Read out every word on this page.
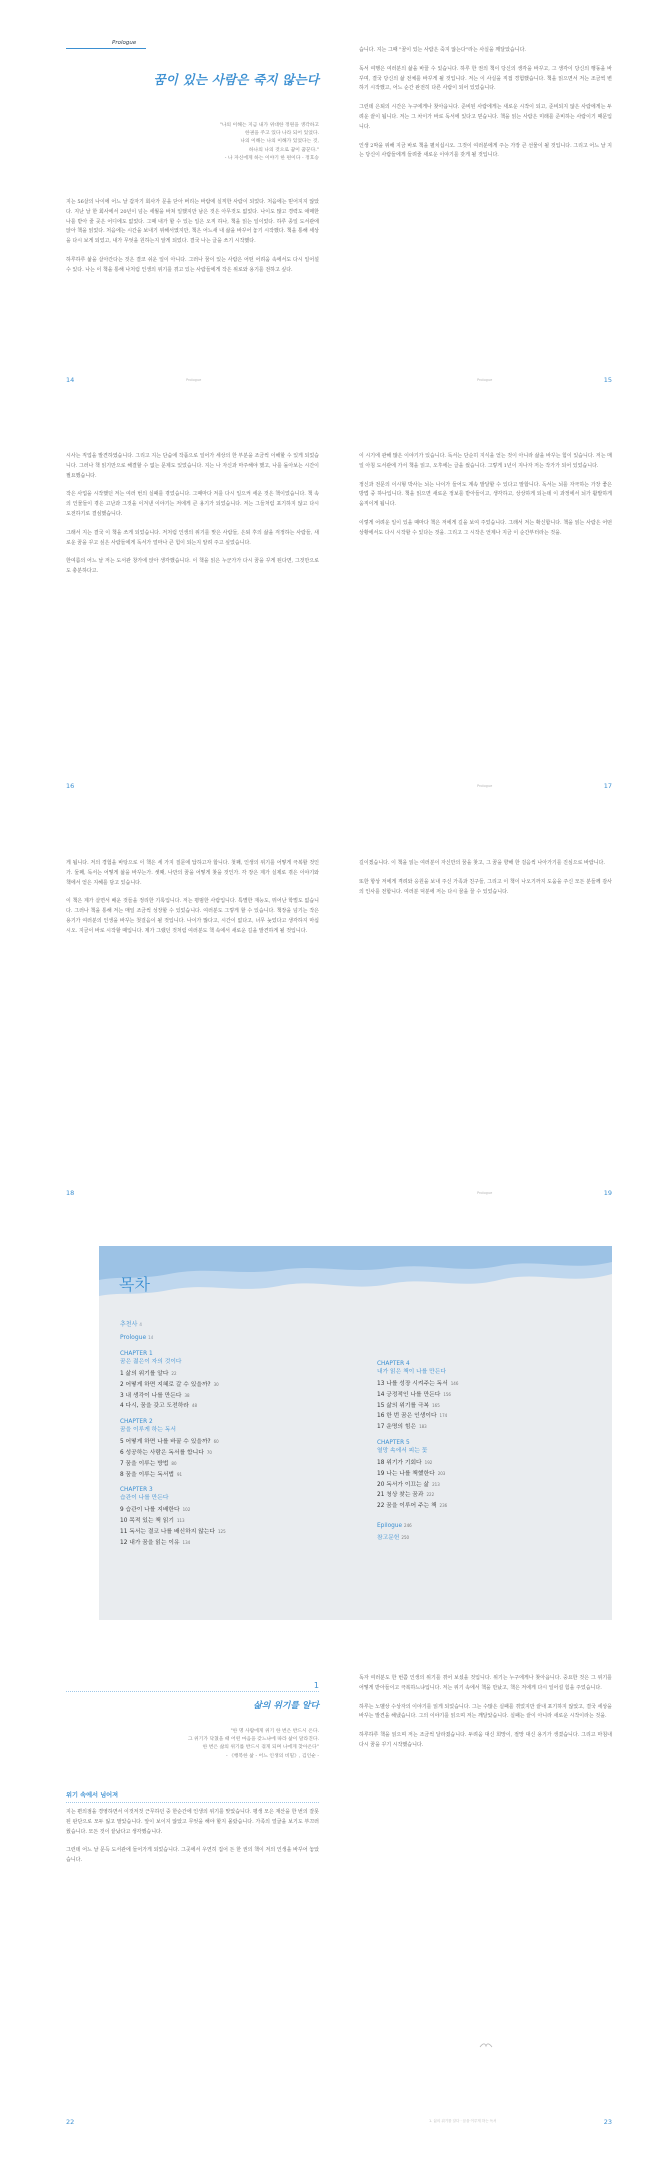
Prologue
꿈이 있는 사람은 죽지 않는다
"나의 이해는 지금 내가 위대한 정원을 생각하고
한권을 주고 있다 나라 되어 있었다.
나의 이해는 나의 이해가 있었다는 것,
하나의 나의 것으로 꿈이 꿈꾼다."
- 나 자신에게 하는 이야기 한 편이다 - 정호승

지는 56살의 나이에 어느 날 갑자기 회사가 문을 닫아 버리는 바람에 실직한 사람이 되었다. 처음에는 믿어지지 않았다. 지난 날 한 회사에서 20년이 넘는 세월을 바쳐 일했지만 남은 것은 아무것도 없었다. 나이도 많고 경력도 애매한 나를 받아 줄 곳은 어디에도 없었다. 그때 내가 할 수 있는 일은 오직 하나, 책을 읽는 일이었다. 하루 종일 도서관에 앉아 책을 읽었다. 처음에는 시간을 보내기 위해서였지만, 책은 어느새 내 삶을 바꾸어 놓기 시작했다. 책을 통해 세상을 다시 보게 되었고, 내가 무엇을 원하는지 알게 되었다. 결국 나는 글을 쓰기 시작했다.

하루하루 삶을 살아간다는 것은 결코 쉬운 일이 아니다. 그러나 꿈이 있는 사람은 어떤 어려움 속에서도 다시 일어설 수 있다. 나는 이 책을 통해 나처럼 인생의 위기를 겪고 있는 사람들에게 작은 위로와 용기를 전하고 싶다.

14	Prologue

습니다. 지는 그때 "꿈이 있는 사람은 죽지 않는다"라는 사실을 깨달았습니다.

독서 여행은 여러분의 삶을 바꿀 수 있습니다. 하루 한 권의 책이 당신의 생각을 바꾸고, 그 생각이 당신의 행동을 바꾸며, 결국 당신의 삶 전체를 바꾸게 될 것입니다. 저는 이 사실을 직접 경험했습니다. 책을 읽으면서 저는 조금씩 변하기 시작했고, 어느 순간 완전히 다른 사람이 되어 있었습니다.

그런데 은퇴의 시간은 누구에게나 찾아옵니다. 준비된 사람에게는 새로운 시작이 되고, 준비되지 않은 사람에게는 두려운 끝이 됩니다. 저는 그 차이가 바로 독서에 있다고 믿습니다. 책을 읽는 사람은 미래를 준비하는 사람이기 때문입니다.

인생 2막을 위해 지금 바로 책을 펼치십시오. 그것이 여러분에게 주는 가장 큰 선물이 될 것입니다. 그리고 어느 날 지는 당신이 사람들에게 들려줄 새로운 이야기를 갖게 될 것입니다.

Prologue	15

시사는 직업을 발견하였습니다. 그리고 지는 단숨에 작품으로 일어가 세상의 한 부분을 조금씩 이해할 수 있게 되었습니다. 그러나 책 읽기만으로 해결할 수 없는 문제도 있었습니다. 지는 나 자신과 마주해야 했고, 나를 돌아보는 시간이 필요했습니다.

작은 사업을 시작했던 저는 여러 번의 실패를 겪었습니다. 그때마다 저를 다시 일으켜 세운 것은 책이었습니다. 책 속의 인물들이 겪은 고난과 그것을 이겨낸 이야기는 저에게 큰 용기가 되었습니다. 저는 그들처럼 포기하지 않고 다시 도전하기로 결심했습니다.

그래서 지는 결국 이 책을 쓰게 되었습니다. 저처럼 인생의 위기를 맞은 사람들, 은퇴 후의 삶을 걱정하는 사람들, 새로운 꿈을 꾸고 싶은 사람들에게 독서가 얼마나 큰 힘이 되는지 알려 주고 싶었습니다.

한여름의 어느 날 저는 도서관 창가에 앉아 생각했습니다. 이 책을 읽은 누군가가 다시 꿈을 꾸게 된다면, 그것만으로도 충분하다고.

16

이 시기에 관해 많은 이야기가 있습니다. 독서는 단순히 지식을 얻는 것이 아니라 삶을 바꾸는 힘이 있습니다. 저는 매일 아침 도서관에 가서 책을 읽고, 오후에는 글을 썼습니다. 그렇게 1년이 지나자 저는 작가가 되어 있었습니다.

정신과 전문의 이시형 박사는 뇌는 나이가 들어도 계속 발달할 수 있다고 말합니다. 독서는 뇌를 자극하는 가장 좋은 방법 중 하나입니다. 책을 읽으면 새로운 정보를 받아들이고, 생각하고, 상상하게 되는데 이 과정에서 뇌가 활발하게 움직이게 됩니다.

이렇게 어려운 일이 있을 때마다 책은 저에게 길을 보여 주었습니다. 그래서 저는 확신합니다. 책을 읽는 사람은 어떤 상황에서도 다시 시작할 수 있다는 것을. 그리고 그 시작은 언제나 지금 이 순간부터라는 것을.

Prologue	17

게 됩니다. 저의 경험을 바탕으로 이 책은 세 가지 질문에 답하고자 합니다. 첫째, 인생의 위기를 어떻게 극복할 것인가. 둘째, 독서는 어떻게 삶을 바꾸는가. 셋째, 나만의 꿈을 어떻게 찾을 것인가. 각 장은 제가 실제로 겪은 이야기와 책에서 얻은 지혜를 담고 있습니다.

이 책은 제가 살면서 배운 것들을 정리한 기록입니다. 저는 평범한 사람입니다. 특별한 재능도, 뛰어난 학벌도 없습니다. 그러나 책을 통해 저는 매일 조금씩 성장할 수 있었습니다. 여러분도 그렇게 할 수 있습니다. 책장을 넘기는 작은 용기가 여러분의 인생을 바꾸는 첫걸음이 될 것입니다. 나이가 많다고, 시간이 없다고, 너무 늦었다고 생각하지 마십시오. 지금이 바로 시작할 때입니다. 제가 그랬던 것처럼 여러분도 책 속에서 새로운 길을 발견하게 될 것입니다.

18

길이겠습니다. 이 책을 읽는 여러분이 자신만의 꿈을 찾고, 그 꿈을 향해 한 걸음씩 나아가기를 진심으로 바랍니다.

또한 항상 저에게 격려와 응원을 보내 주신 가족과 친구들, 그리고 이 책이 나오기까지 도움을 주신 모든 분들께 감사의 인사를 전합니다. 여러분 덕분에 저는 다시 꿈을 꿀 수 있었습니다.

Prologue	19
목차
추천사 4
Prologue 14
CHAPTER 1
꿈은 젊은이 자의 것이다
1 삶의 위기를 알다 22
2 어떻게 하면 지혜로 갈 수 있을까? 30
3 내 생각이 나를 만든다 38
4 다시, 꿈을 갖고 도전하라 48
CHAPTER 2
꿈을 이루게 하는 독서
5 어떻게 하면 나를 바꿀 수 있을까? 60
6 성공하는 사람은 독서를 합니다 70
7 꿈을 이루는 방법 80
8 꿈을 이루는 독서법 91
CHAPTER 3
습관이 나를 만든다
9 습관이 나를 지배한다 102
10 목적 있는 책 읽기 113
11 독서는 결코 나를 배신하지 않는다 125
12 내가 꿈을 읽는 이유 134
CHAPTER 4
내가 읽은 책이 나를 만든다
13 나를 성장 시켜주는 독서 146
14 긍정적인 나를 만든다 156
15 삶의 위기를 극복 165
16 한 번 꿈은 인생이다 174
17 운명의 힘은 183
CHAPTER 5
열망 속에서 피는 꽃
18 위기가 기회다 192
19 나는 나를 책했한다 203
20 독서가 이끄는 삶 213
21 청상 찾는 꿈과 222
22 꿈을 이루어 주는 책 236
Epilogue 246
참고문헌 250
1
삶의 위기를 알다
"한 명 사람에게 위기 한 번은 반드시 온다.
그 위기가 닥쳤을 때 어떤 마음을 갖느냐에 따라 삶이 달라진다.
한 번은 삶의 위기를 반드시 겪게 되며 나에게 찾아온다"
- 《행복한 삶 - 어느 인생의 비밀》, 김인순 -
위기 속에서 넘어져

지는 편의점을 경영하면서 이것저것 근무하던 중 한순간에 인생의 위기를 맞았습니다. 평생 모은 재산을 한 번의 잘못된 판단으로 모두 잃고 말았습니다. 앞이 보이지 않았고 무엇을 해야 할지 몰랐습니다. 가족의 얼굴을 보기도 부끄러웠습니다. 모든 것이 끝났다고 생각했습니다.

그런데 어느 날 문득 도서관에 들어가게 되었습니다. 그곳에서 우연히 집어 든 한 권의 책이 저의 인생을 바꾸어 놓았습니다.

22

독자 여러분도 한 번쯤 인생의 위기를 겪어 보셨을 것입니다. 위기는 누구에게나 찾아옵니다. 중요한 것은 그 위기를 어떻게 받아들이고 극복하느냐입니다. 저는 위기 속에서 책을 만났고, 책은 저에게 다시 일어설 힘을 주었습니다.

하루는 노벨상 수상자의 이야기를 읽게 되었습니다. 그는 수많은 실패를 겪었지만 끝내 포기하지 않았고, 결국 세상을 바꾸는 발견을 해냈습니다. 그의 이야기를 읽으며 저는 깨달았습니다. 실패는 끝이 아니라 새로운 시작이라는 것을.

하루하루 책을 읽으며 저는 조금씩 달라졌습니다. 두려움 대신 희망이, 절망 대신 용기가 생겼습니다. 그리고 마침내 다시 꿈을 꾸기 시작했습니다.

1. 삶의 위기를 알다 · 꿈을 이루게 하는 독서	23
